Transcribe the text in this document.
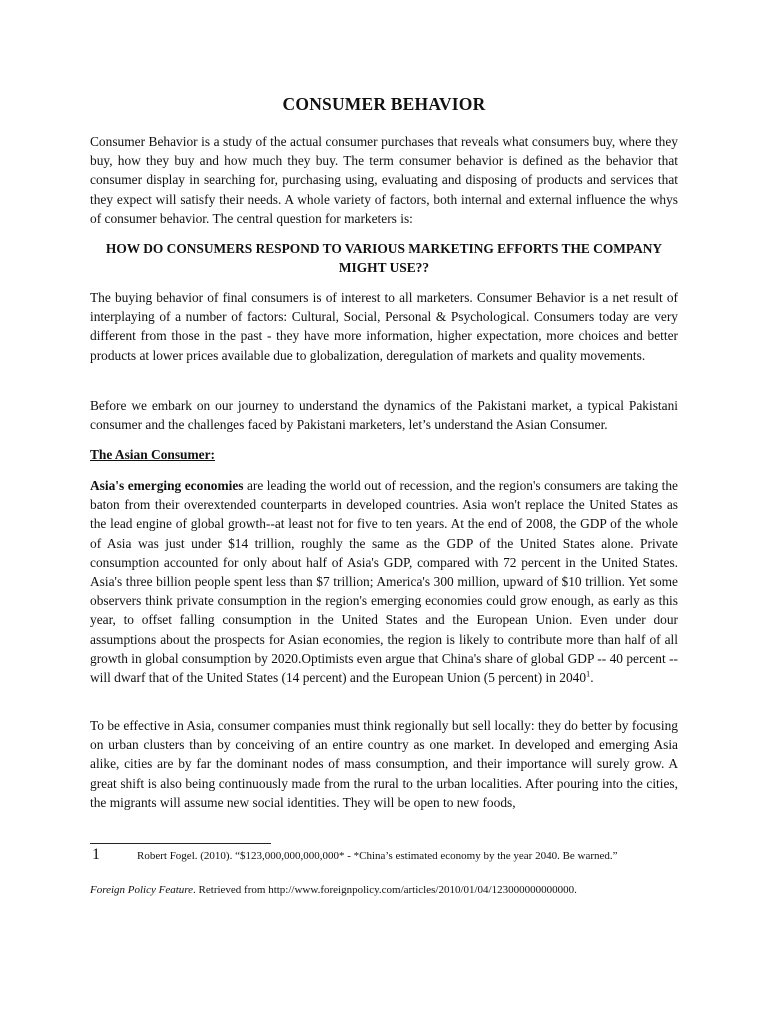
CONSUMER BEHAVIOR

Consumer Behavior is a study of the actual consumer purchases that reveals what consumers buy, where they buy, how they buy and how much they buy. The term consumer behavior is defined as the behavior that consumer display in searching for, purchasing using, evaluating and disposing of products and services that they expect will satisfy their needs. A whole variety of factors, both internal and external influence the whys of consumer behavior. The central question for marketers is:

HOW DO CONSUMERS RESPOND TO VARIOUS MARKETING EFFORTS THE COMPANY MIGHT USE??

The buying behavior of final consumers is of interest to all marketers. Consumer Behavior is a net result of interplaying of a number of factors: Cultural, Social, Personal & Psychological. Consumers today are very different from those in the past - they have more information, higher expectation, more choices and better products at lower prices available due to globalization, deregulation of markets and quality movements.

Before we embark on our journey to understand the dynamics of the Pakistani market, a typical Pakistani consumer and the challenges faced by Pakistani marketers, let’s understand the Asian Consumer.

The Asian Consumer:

Asia's emerging economies are leading the world out of recession, and the region's consumers are taking the baton from their overextended counterparts in developed countries. Asia won't replace the United States as the lead engine of global growth--at least not for five to ten years. At the end of 2008, the GDP of the whole of Asia was just under $14 trillion, roughly the same as the GDP of the United States alone. Private consumption accounted for only about half of Asia's GDP, compared with 72 percent in the United States. Asia's three billion people spent less than $7 trillion; America's 300 million, upward of $10 trillion. Yet some observers think private consumption in the region's emerging economies could grow enough, as early as this year, to offset falling consumption in the United States and the European Union. Even under dour assumptions about the prospects for Asian economies, the region is likely to contribute more than half of all growth in global consumption by 2020.Optimists even argue that China's share of global GDP -- 40 percent -- will dwarf that of the United States (14 percent) and the European Union (5 percent) in 2040$^1$.

To be effective in Asia, consumer companies must think regionally but sell locally: they do better by focusing on urban clusters than by conceiving of an entire country as one market. In developed and emerging Asia alike, cities are by far the dominant nodes of mass consumption, and their importance will surely grow. A great shift is also being continuously made from the rural to the urban localities. After pouring into the cities, the migrants will assume new social identities. They will be open to new foods,

1	Robert Fogel. (2010). “$123,000,000,000,000* - *China’s estimated economy by the year 2040. Be warned.”

Foreign Policy Feature. Retrieved from http://www.foreignpolicy.com/articles/2010/01/04/123000000000000.
